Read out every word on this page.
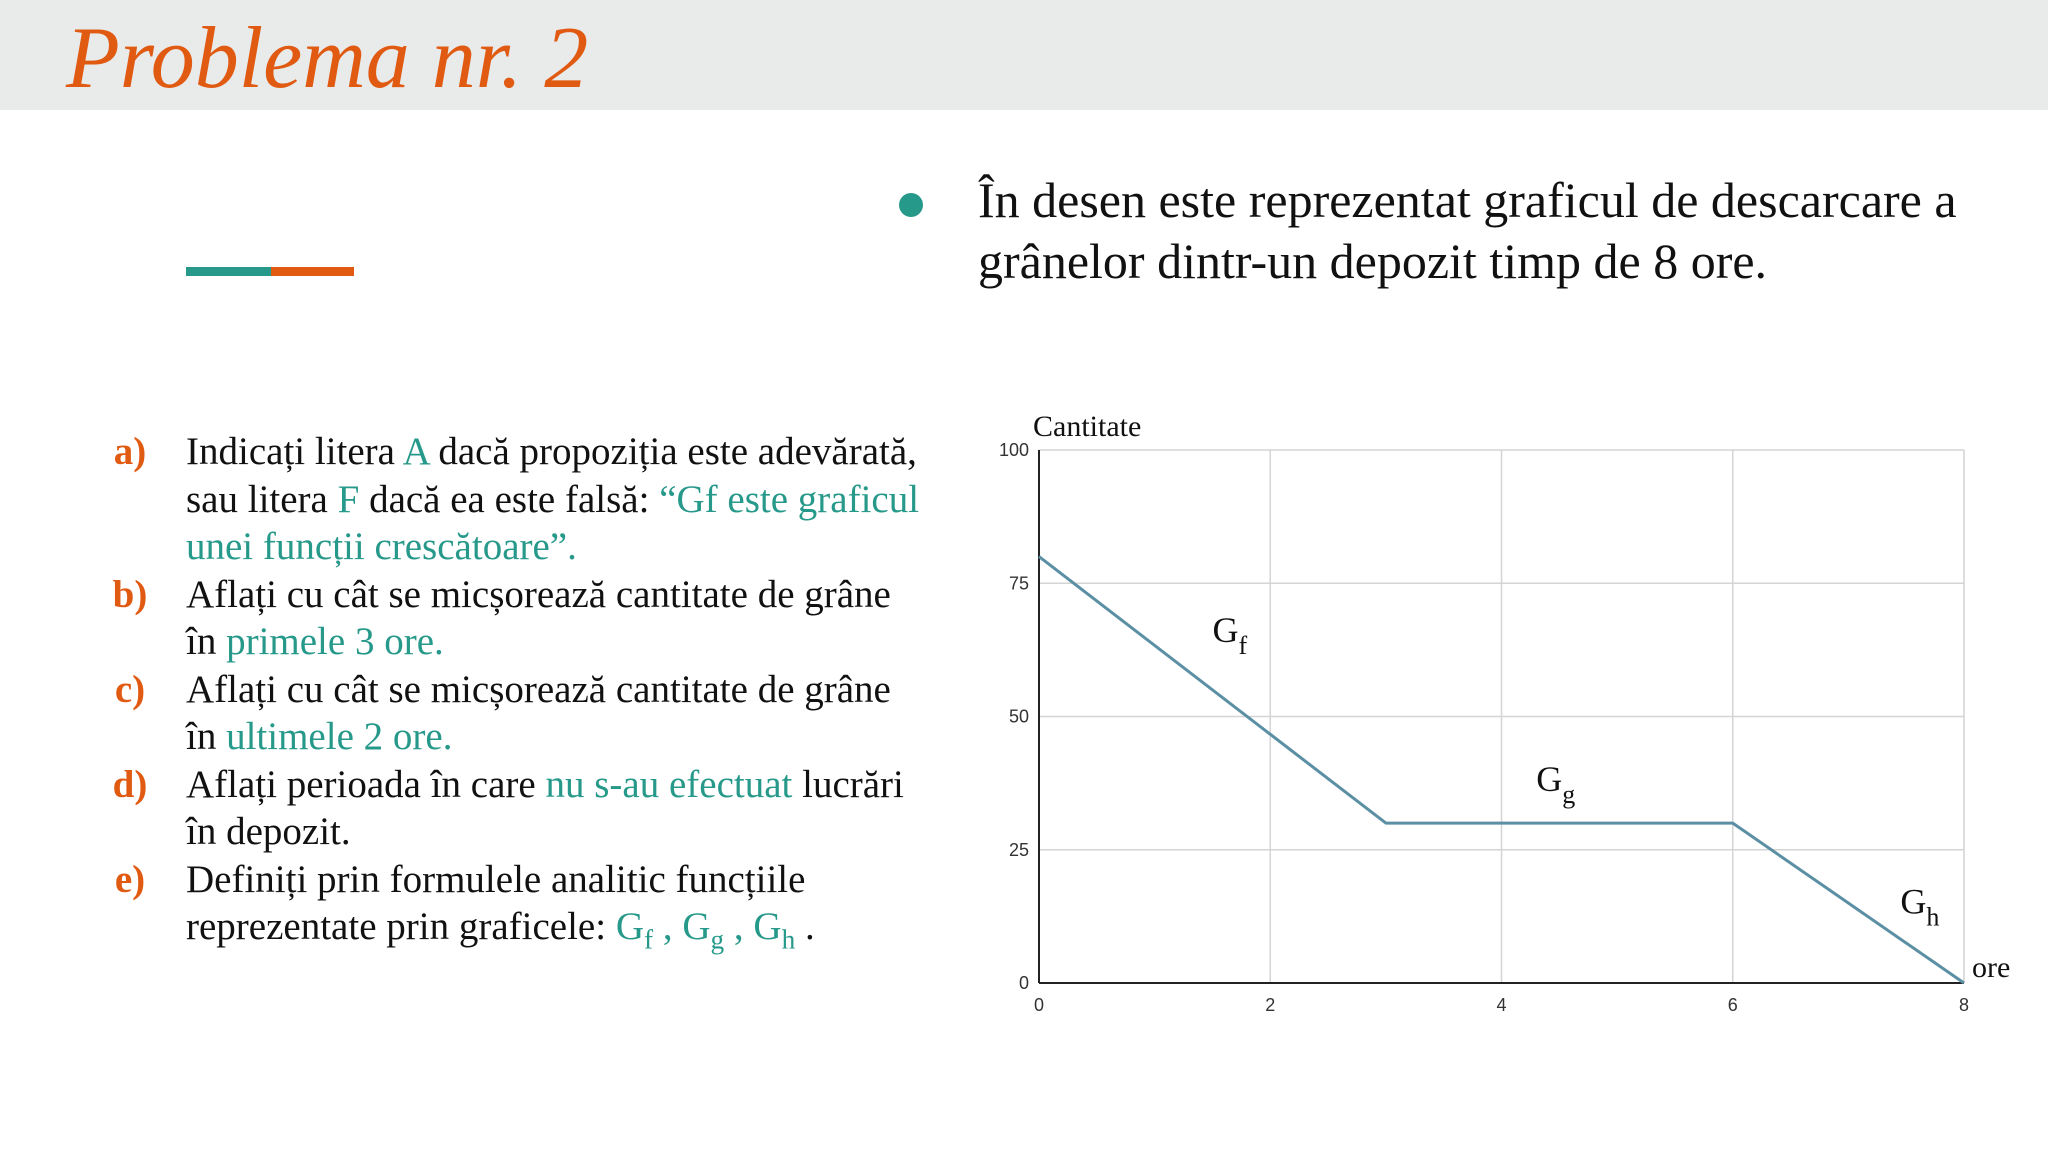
Problema nr. 2

În desen este reprezentat graficul de descarcare a grânelor dintr-un depozit timp de 8 ore.

a)	Indicați litera A dacă propoziția este adevărată, sau litera F dacă ea este falsă: “Gf este graficul unei funcții crescătoare”.
b) Aflați cu cât se micșorează cantitate de grâne în primele 3 ore.
c)	Aflați cu cât se micșorează cantitate de grâne în ultimele 2 ore.
d) Aflați perioada în care nu s-au efectuat lucrări în depozit.
e)	Definiți prin formulele analitic funcțiile reprezentate prin graficele: $G_f$ , $G_g$ , $G_h$ .
0	2	4	6	8
0
25
50
75
100
Cantitate
ore
$G_f$
$G_g$
$G_h$
